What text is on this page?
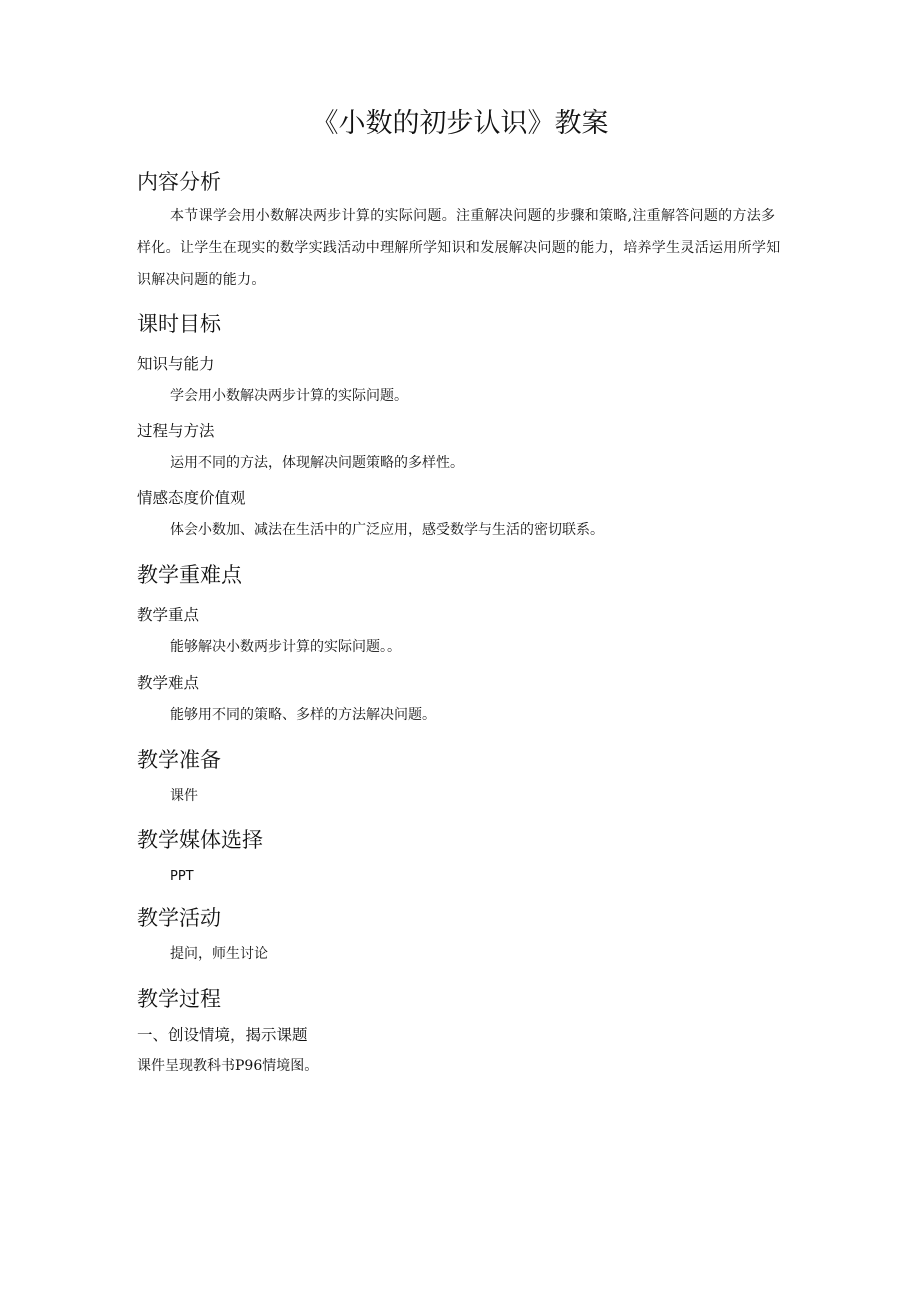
《小数的初步认识》教案
内容分析

本节课学会用小数解决两步计算的实际问题。注重解决问题的步骤和策略,注重解答问题的方法多样化。让学生在现实的数学实践活动中理解所学知识和发展解决问题的能力，培养学生灵活运用所学知识解决问题的能力。

课时目标
知识与能力

学会用小数解决两步计算的实际问题。

过程与方法

运用不同的方法，体现解决问题策略的多样性。

情感态度价值观

体会小数加、减法在生活中的广泛应用，感受数学与生活的密切联系。

教学重难点
教学重点

能够解决小数两步计算的实际问题。。

教学难点

能够用不同的策略、多样的方法解决问题。

教学准备

课件

教学媒体选择

PPT

教学活动

提问，师生讨论

教学过程
一、创设情境，揭示课题

课件呈现教科书P96情境图。
